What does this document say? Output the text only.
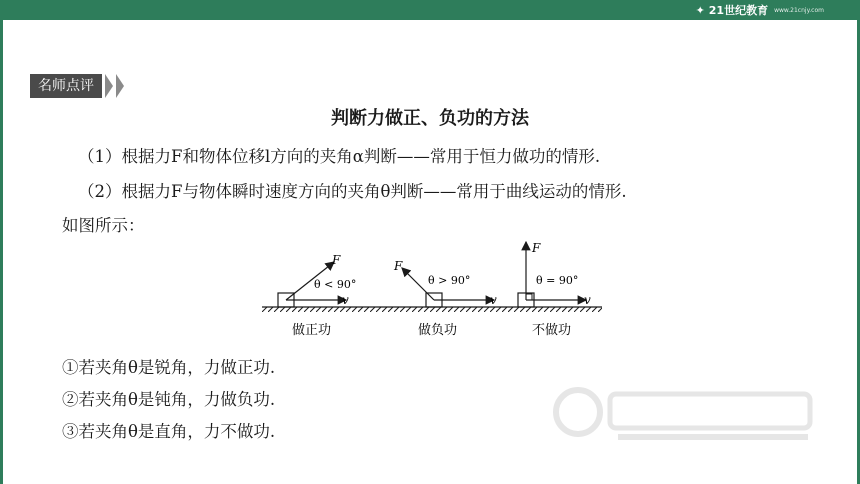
✦ 21世纪教育 www.21cnjy.com
名师点评
判断力做正、负功的方法
（1）根据力F和物体位移l方向的夹角α判断——常用于恒力做功的情形.
（2）根据力F与物体瞬时速度方向的夹角θ判断——常用于曲线运动的情形.
如图所示：
F
θ < 90°
v
做正功
F
θ > 90°
v
做负功
F
θ = 90°
v
不做功
①若夹角θ是锐角，力做正功.
②若夹角θ是钝角，力做负功.
③若夹角θ是直角，力不做功.
